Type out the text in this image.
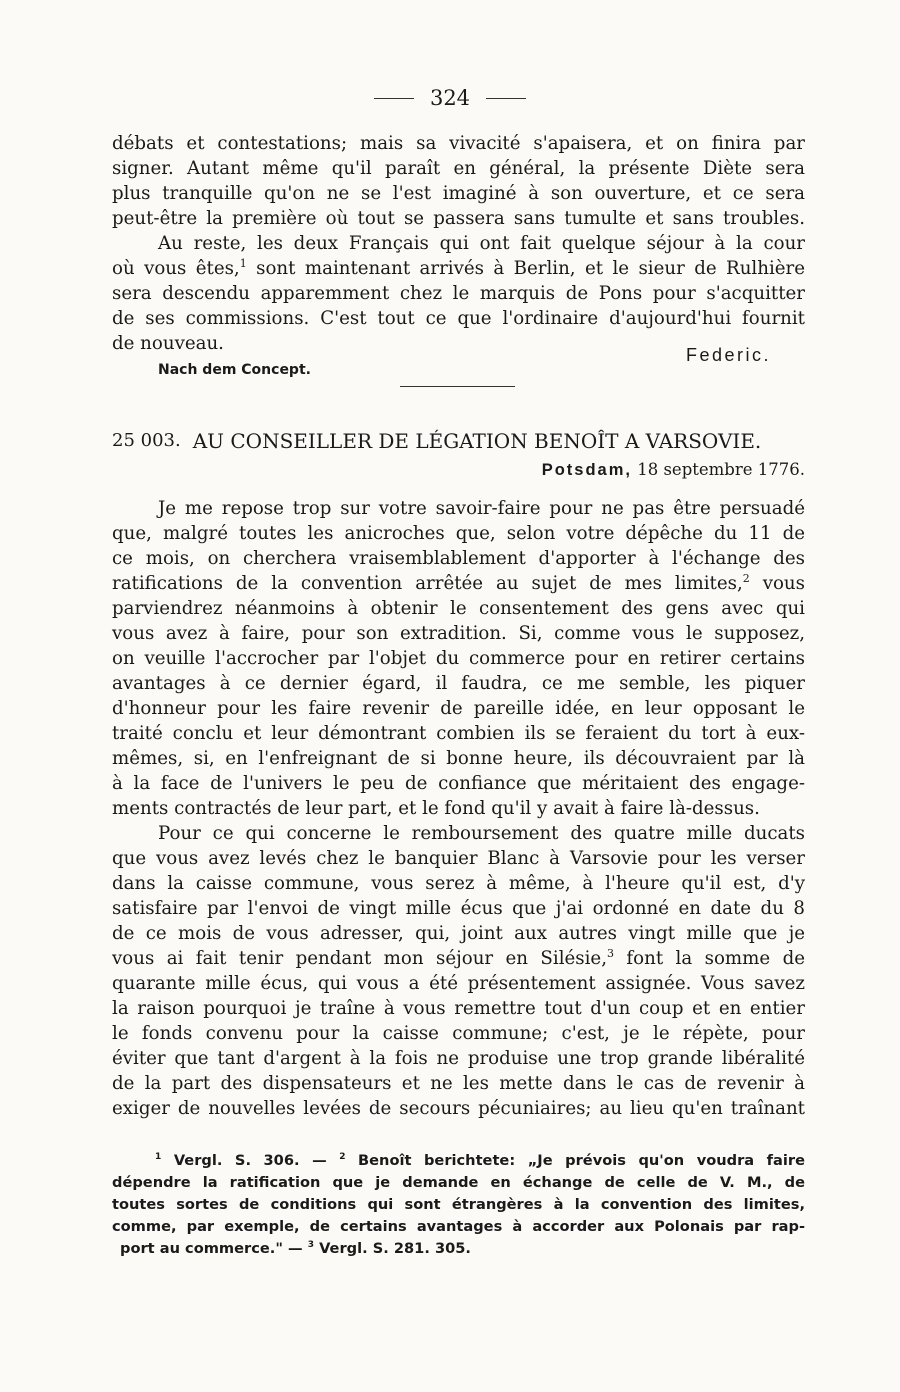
324
débats et contestations; mais sa vivacité s'apaisera, et on finira par
signer. Autant même qu'il paraît en général, la présente Diète sera
plus tranquille qu'on ne se l'est imaginé à son ouverture, et ce sera
peut-être la première où tout se passera sans tumulte et sans troubles.
Au reste, les deux Français qui ont fait quelque séjour à la cour
où vous êtes,$^1$ sont maintenant arrivés à Berlin, et le sieur de Rulhière
sera descendu apparemment chez le marquis de Pons pour s'acquitter
de ses commissions. C'est tout ce que l'ordinaire d'aujourd'hui fournit
de nouveau.
Federic.
Nach dem Concept.
25 003. AU CONSEILLER DE LÉGATION BENOÎT A VARSOVIE.
Potsdam, 18 septembre 1776.
Je me repose trop sur votre savoir-faire pour ne pas être persuadé
que, malgré toutes les anicroches que, selon votre dépêche du 11 de
ce mois, on cherchera vraisemblablement d'apporter à l'échange des
ratifications de la convention arrêtée au sujet de mes limites,$^2$ vous
parviendrez néanmoins à obtenir le consentement des gens avec qui
vous avez à faire, pour son extradition. Si, comme vous le supposez,
on veuille l'accrocher par l'objet du commerce pour en retirer certains
avantages à ce dernier égard, il faudra, ce me semble, les piquer
d'honneur pour les faire revenir de pareille idée, en leur opposant le
traité conclu et leur démontrant combien ils se feraient du tort à eux-
mêmes, si, en l'enfreignant de si bonne heure, ils découvraient par là
à la face de l'univers le peu de confiance que méritaient des engage-
ments contractés de leur part, et le fond qu'il y avait à faire là-dessus.
Pour ce qui concerne le remboursement des quatre mille ducats
que vous avez levés chez le banquier Blanc à Varsovie pour les verser
dans la caisse commune, vous serez à même, à l'heure qu'il est, d'y
satisfaire par l'envoi de vingt mille écus que j'ai ordonné en date du 8
de ce mois de vous adresser, qui, joint aux autres vingt mille que je
vous ai fait tenir pendant mon séjour en Silésie,$^3$ font la somme de
quarante mille écus, qui vous a été présentement assignée. Vous savez
la raison pourquoi je traîne à vous remettre tout d'un coup et en entier
le fonds convenu pour la caisse commune; c'est, je le répète, pour
éviter que tant d'argent à la fois ne produise une trop grande libéralité
de la part des dispensateurs et ne les mette dans le cas de revenir à
exiger de nouvelles levées de secours pécuniaires; au lieu qu'en traînant
$^1$ Vergl. S. 306. — $^2$ Benoît berichtete: „Je prévois qu'on voudra faire
dépendre la ratification que je demande en échange de celle de V. M., de
toutes sortes de conditions qui sont étrangères à la convention des limites,
comme, par exemple, de certains avantages à accorder aux Polonais par rap-
port au commerce." — $^3$ Vergl. S. 281. 305.
